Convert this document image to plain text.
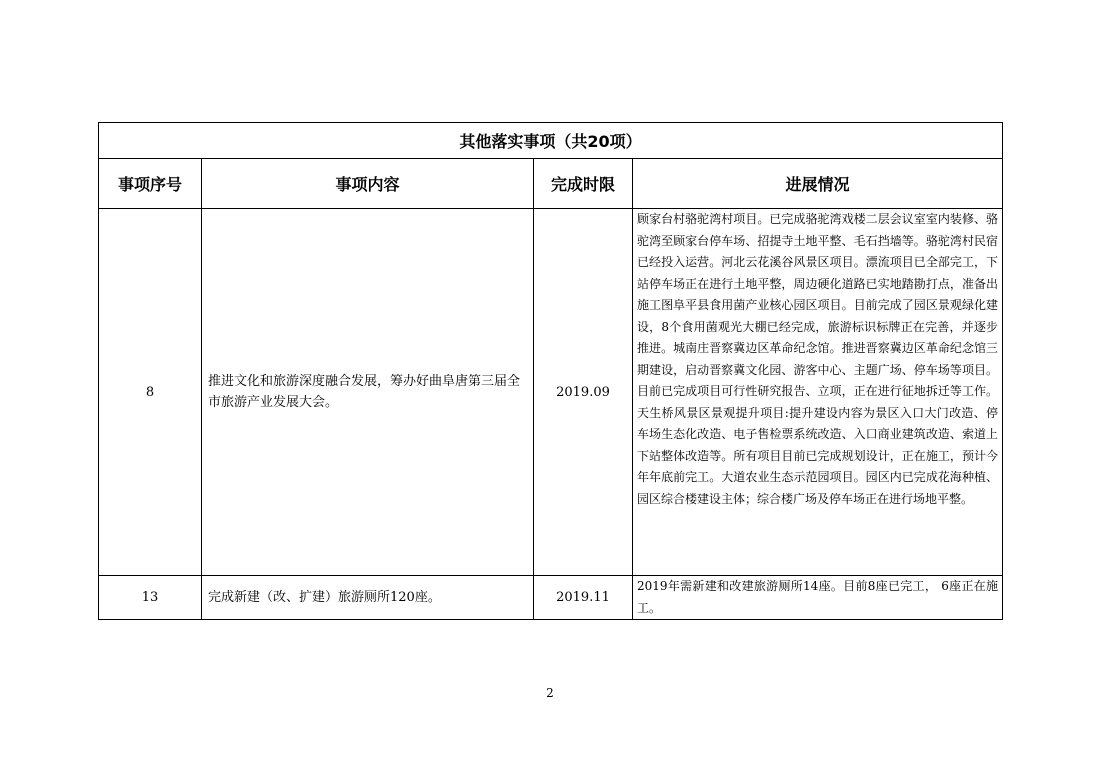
其他落实事项（共20项）			
事项序号	事项内容	完成时限	进展情况
8	推进文化和旅游深度融合发展，筹办好曲阜唐第三届全市旅游产业发展大会。	2019.09	顾家台村骆驼湾村项目。已完成骆驼湾戏楼二层会议室室内装修、骆驼湾至顾家台停车场、招提寺土地平整、毛石挡墙等。骆驼湾村民宿已经投入运营。河北云花溪谷风景区项目。漂流项目已全部完工，下站停车场正在进行土地平整，周边硬化道路已实地踏勘打点，准备出施工图阜平县食用菌产业核心园区项目。目前完成了园区景观绿化建设，8个食用菌观光大棚已经完成，旅游标识标牌正在完善，并逐步推进。城南庄晋察冀边区革命纪念馆。推进晋察冀边区革命纪念馆三期建设，启动晋察冀文化园、游客中心、主题广场、停车场等项目。目前已完成项目可行性研究报告、立项，正在进行征地拆迁等工作。天生桥风景区景观提升项目:提升建设内容为景区入口大门改造、停车场生态化改造、电子售检票系统改造、入口商业建筑改造、索道上下站整体改造等。所有项目目前已完成规划设计，正在施工，预计今年年底前完工。大道农业生态示范园项目。园区内已完成花海种植、园区综合楼建设主体；综合楼广场及停车场正在进行场地平整。
13	完成新建（改、扩建）旅游厕所120座。	2019.11	2019年需新建和改建旅游厕所14座。目前8座已完工， 6座正在施工。
2
